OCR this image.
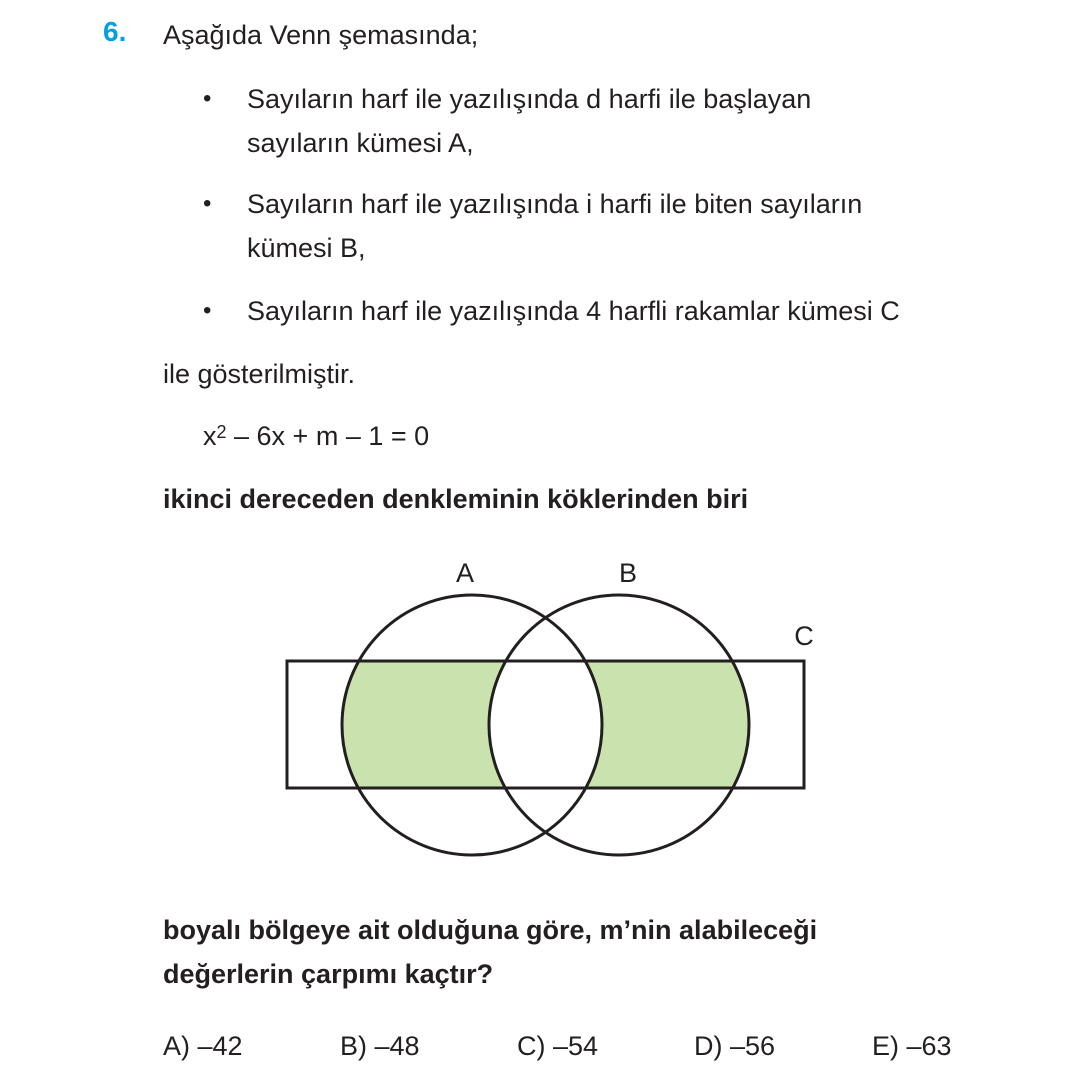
6. Aşağıda Venn şemasında;
• Sayıların harf ile yazılışında d harfi ile başlayan
sayıların kümesi A,
• Sayıların harf ile yazılışında i harfi ile biten sayıların
kümesi B,
• Sayıların harf ile yazılışında 4 harfli rakamlar kümesi C
ile gösterilmiştir.
$x^2 - 6x + m - 1 = 0$
ikinci dereceden denkleminin köklerinden biri
A	B
C
boyalı bölgeye ait olduğuna göre, m’nin alabileceği
değerlerin çarpımı kaçtır?
A) –42	B) –48	C) –54	D) –56	E) –63
